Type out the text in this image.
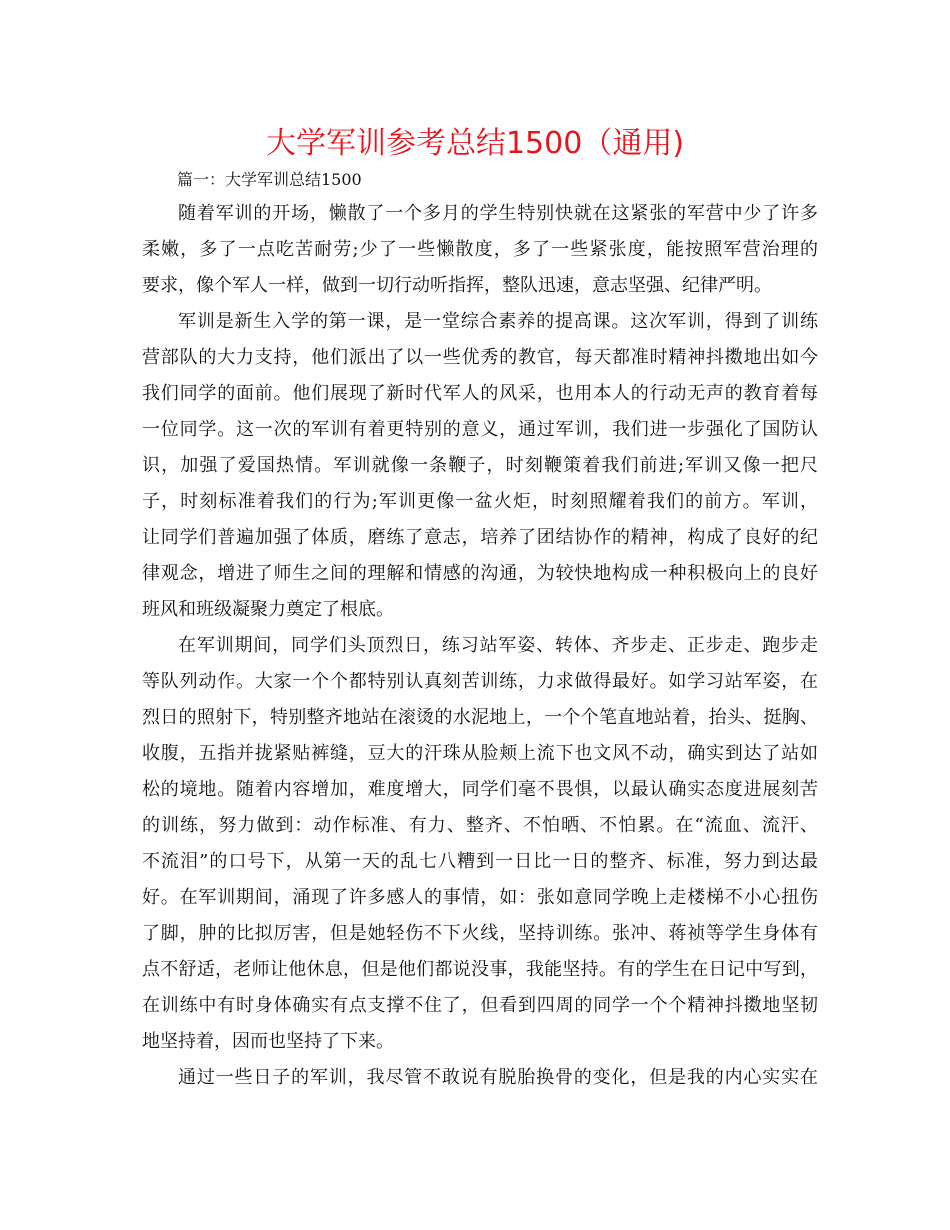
大学军训参考总结1500（通用)

篇一：大学军训总结1500

随着军训的开场，懒散了一个多月的学生特别快就在这紧张的军营中少了许多
柔嫩，多了一点吃苦耐劳;少了一些懒散度，多了一些紧张度，能按照军营治理的
要求，像个军人一样，做到一切行动听指挥，整队迅速，意志坚强、纪律严明。

军训是新生入学的第一课，是一堂综合素养的提高课。这次军训，得到了训练
营部队的大力支持，他们派出了以一些优秀的教官，每天都准时精神抖擞地出如今
我们同学的面前。他们展现了新时代军人的风采，也用本人的行动无声的教育着每
一位同学。这一次的军训有着更特别的意义，通过军训，我们进一步强化了国防认
识，加强了爱国热情。军训就像一条鞭子，时刻鞭策着我们前进;军训又像一把尺
子，时刻标准着我们的行为;军训更像一盆火炬，时刻照耀着我们的前方。军训，
让同学们普遍加强了体质，磨练了意志，培养了团结协作的精神，构成了良好的纪
律观念，增进了师生之间的理解和情感的沟通，为较快地构成一种积极向上的良好
班风和班级凝聚力奠定了根底。

在军训期间，同学们头顶烈日，练习站军姿、转体、齐步走、正步走、跑步走
等队列动作。大家一个个都特别认真刻苦训练，力求做得最好。如学习站军姿，在
烈日的照射下，特别整齐地站在滚烫的水泥地上，一个个笔直地站着，抬头、挺胸、
收腹，五指并拢紧贴裤缝，豆大的汗珠从脸颊上流下也文风不动，确实到达了站如
松的境地。随着内容增加，难度增大，同学们毫不畏惧，以最认确实态度进展刻苦
的训练，努力做到：动作标准、有力、整齐、不怕晒、不怕累。在“流血、流汗、
不流泪”的口号下，从第一天的乱七八糟到一日比一日的整齐、标准，努力到达最
好。在军训期间，涌现了许多感人的事情，如：张如意同学晚上走楼梯不小心扭伤
了脚，肿的比拟厉害，但是她轻伤不下火线，坚持训练。张冲、蒋祯等学生身体有
点不舒适，老师让他休息，但是他们都说没事，我能坚持。有的学生在日记中写到，
在训练中有时身体确实有点支撑不住了，但看到四周的同学一个个精神抖擞地坚韧
地坚持着，因而也坚持了下来。

通过一些日子的军训，我尽管不敢说有脱胎换骨的变化，但是我的内心实实在
